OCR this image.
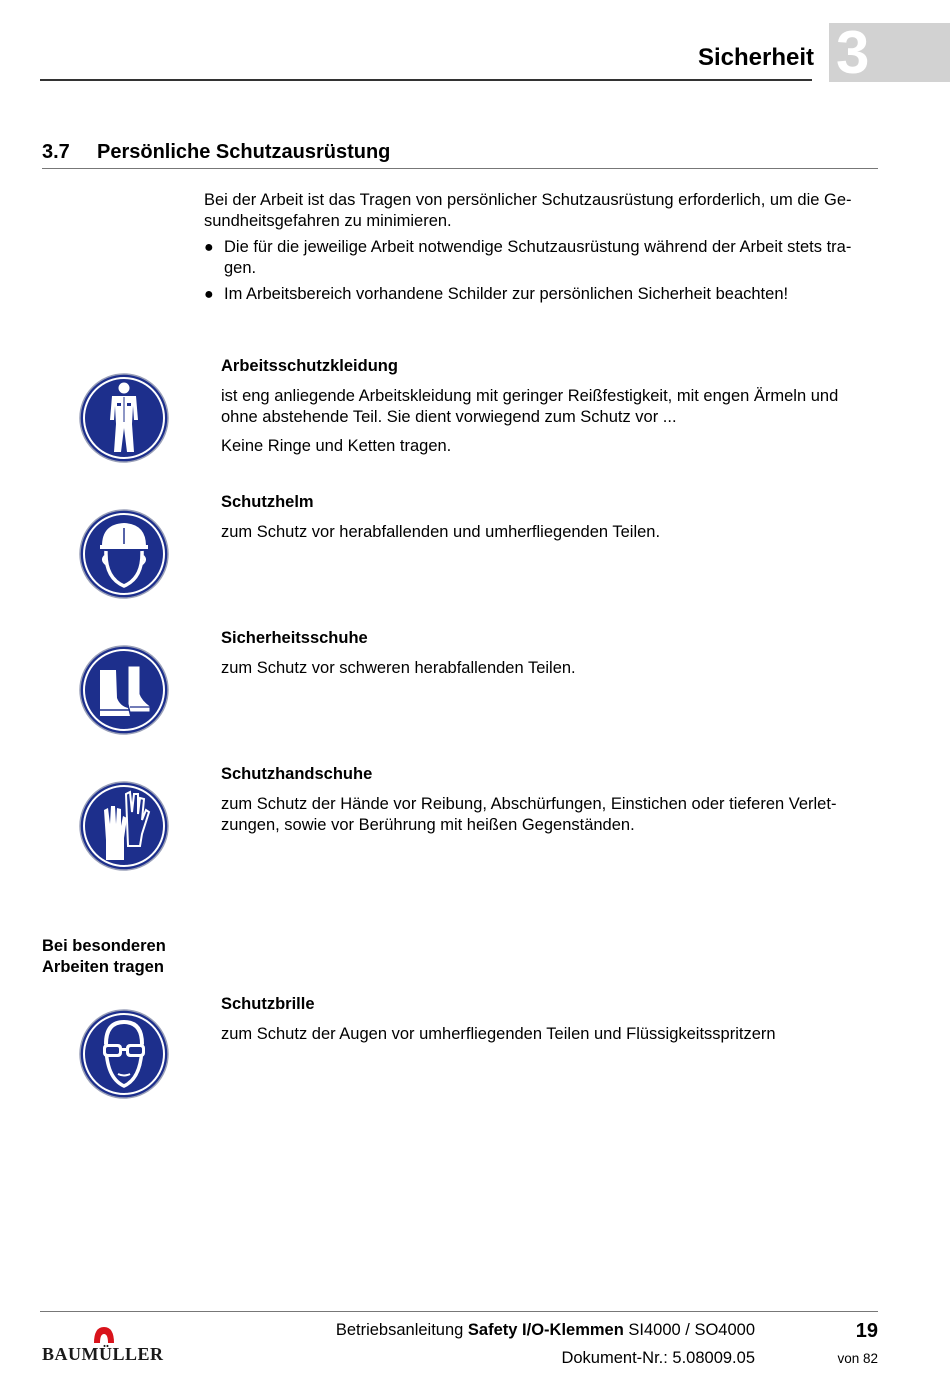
Sicherheit 3
3.7 Persönliche Schutzausrüstung
Bei der Arbeit ist das Tragen von persönlicher Schutzausrüstung erforderlich, um die Ge-
sundheitsgefahren zu minimieren.
● Die für die jeweilige Arbeit notwendige Schutzausrüstung während der Arbeit stets tra-
gen.
● Im Arbeitsbereich vorhandene Schilder zur persönlichen Sicherheit beachten!
Arbeitsschutzkleidung
ist eng anliegende Arbeitskleidung mit geringer Reißfestigkeit, mit engen Ärmeln und
ohne abstehende Teil. Sie dient vorwiegend zum Schutz vor ...
Keine Ringe und Ketten tragen.
Schutzhelm
zum Schutz vor herabfallenden und umherfliegenden Teilen.
Sicherheitsschuhe
zum Schutz vor schweren herabfallenden Teilen.
Schutzhandschuhe
zum Schutz der Hände vor Reibung, Abschürfungen, Einstichen oder tieferen Verlet-
zungen, sowie vor Berührung mit heißen Gegenständen.
Bei besonderen
Arbeiten tragen
Schutzbrille
zum Schutz der Augen vor umherfliegenden Teilen und Flüssigkeitsspritzern
BAUMÜLLER
Betriebsanleitung Safety I/O-Klemmen SI4000 / SO4000
Dokument-Nr.: 5.08009.05
19
von 82
